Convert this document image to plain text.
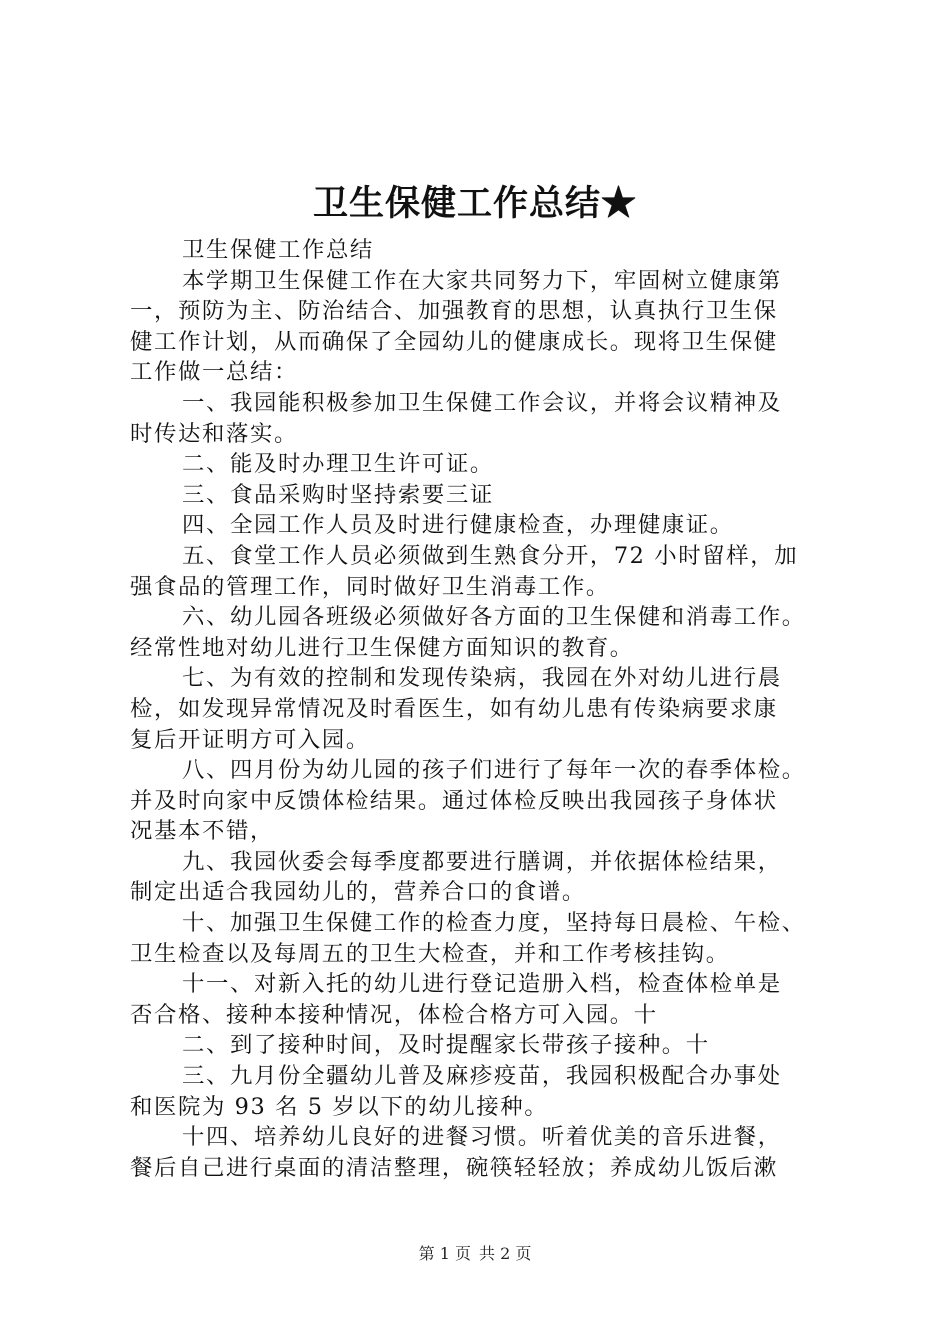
卫生保健工作总结★
卫生保健工作总结
本学期卫生保健工作在大家共同努力下，牢固树立健康第
一，预防为主、防治结合、加强教育的思想，认真执行卫生保
健工作计划，从而确保了全园幼儿的健康成长。现将卫生保健
工作做一总结：
一、我园能积极参加卫生保健工作会议，并将会议精神及
时传达和落实。
二、能及时办理卫生许可证。
三、食品采购时坚持索要三证
四、全园工作人员及时进行健康检查，办理健康证。
五、食堂工作人员必须做到生熟食分开，72 小时留样，加
强食品的管理工作，同时做好卫生消毒工作。
六、幼儿园各班级必须做好各方面的卫生保健和消毒工作。
经常性地对幼儿进行卫生保健方面知识的教育。
七、为有效的控制和发现传染病，我园在外对幼儿进行晨
检，如发现异常情况及时看医生，如有幼儿患有传染病要求康
复后开证明方可入园。
八、四月份为幼儿园的孩子们进行了每年一次的春季体检。
并及时向家中反馈体检结果。通过体检反映出我园孩子身体状
况基本不错，
九、我园伙委会每季度都要进行膳调，并依据体检结果，
制定出适合我园幼儿的，营养合口的食谱。
十、加强卫生保健工作的检查力度，坚持每日晨检、午检、
卫生检查以及每周五的卫生大检查，并和工作考核挂钩。
十一、对新入托的幼儿进行登记造册入档，检查体检单是
否合格、接种本接种情况，体检合格方可入园。十
二、到了接种时间，及时提醒家长带孩子接种。十
三、九月份全疆幼儿普及麻疹疫苗，我园积极配合办事处
和医院为 93 名 5 岁以下的幼儿接种。
十四、培养幼儿良好的进餐习惯。听着优美的音乐进餐，
餐后自己进行桌面的清洁整理，碗筷轻轻放；养成幼儿饭后漱
第 1 页 共 2 页
